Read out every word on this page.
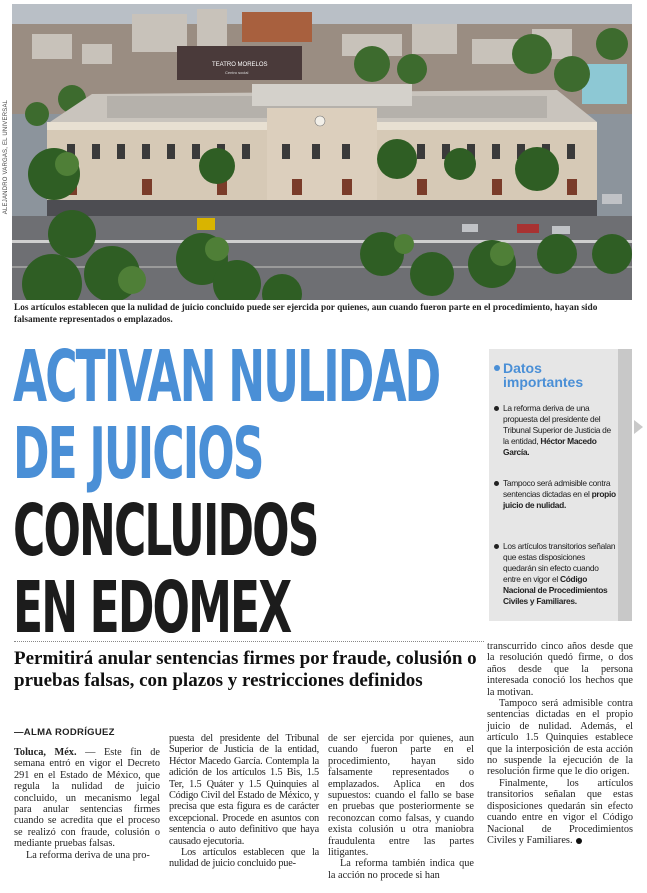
ALEJANDRO VARGAS, EL UNIVERSAL
TEATRO MORELOS
Centro social
Los artículos establecen que la nulidad de juicio concluido puede ser ejercida por quienes, aun cuando fueron parte en el procedimiento, hayan sido falsamente representados o emplazados.
ACTIVAN NULIDAD
DE JUICIOS
CONCLUIDOS
EN EDOMEX
Permitirá anular sentencias firmes por fraude, colusión o pruebas falsas, con plazos y restricciones definidos
—ALMA RODRÍGUEZ
Datos importantes
La reforma deriva de una propuesta del presidente del Tribunal Superior de Justicia de la entidad, Héctor Macedo García.
Tampoco será admisible contra sentencias dictadas en el propio juicio de nulidad.
Los artículos transitorios señalan que estas disposiciones quedarán sin efecto cuando entre en vigor el Código Nacional de Procedimientos Civiles y Familiares.

Toluca, Méx. — Este fin de semana entró en vigor el Decreto 291 en el Estado de México, que regula la nulidad de juicio concluido, un mecanismo legal para anular sentencias firmes cuando se acredita que el proceso se realizó con fraude, colusión o mediante pruebas falsas.

La reforma deriva de una pro-

puesta del presidente del Tribunal Superior de Justicia de la entidad, Héctor Macedo García. Contempla la adición de los artículos 1.5 Bis, 1.5 Ter, 1.5 Quáter y 1.5 Quinquies al Código Civil del Estado de México, y precisa que esta figura es de carácter excepcional. Procede en asuntos con sentencia o auto definitivo que haya causado ejecutoria.

Los artículos establecen que la nulidad de juicio concluido pue-

de ser ejercida por quienes, aun cuando fueron parte en el procedimiento, hayan sido falsamente representados o emplazados. Aplica en dos supuestos: cuando el fallo se base en pruebas que posteriormente se reconozcan como falsas, y cuando exista colusión u otra maniobra fraudulenta entre las partes litigantes.

La reforma también indica que la acción no procede si han

transcurrido cinco años desde que la resolución quedó firme, o dos años desde que la persona interesada conoció los hechos que la motivan.

Tampoco será admisible contra sentencias dictadas en el propio juicio de nulidad. Además, el artículo 1.5 Quinquies establece que la interposición de esta acción no suspende la ejecución de la resolución firme que le dio origen.

Finalmente, los artículos transitorios señalan que estas disposiciones quedarán sin efecto cuando entre en vigor el Código Nacional de Procedimientos Civiles y Familiares.
